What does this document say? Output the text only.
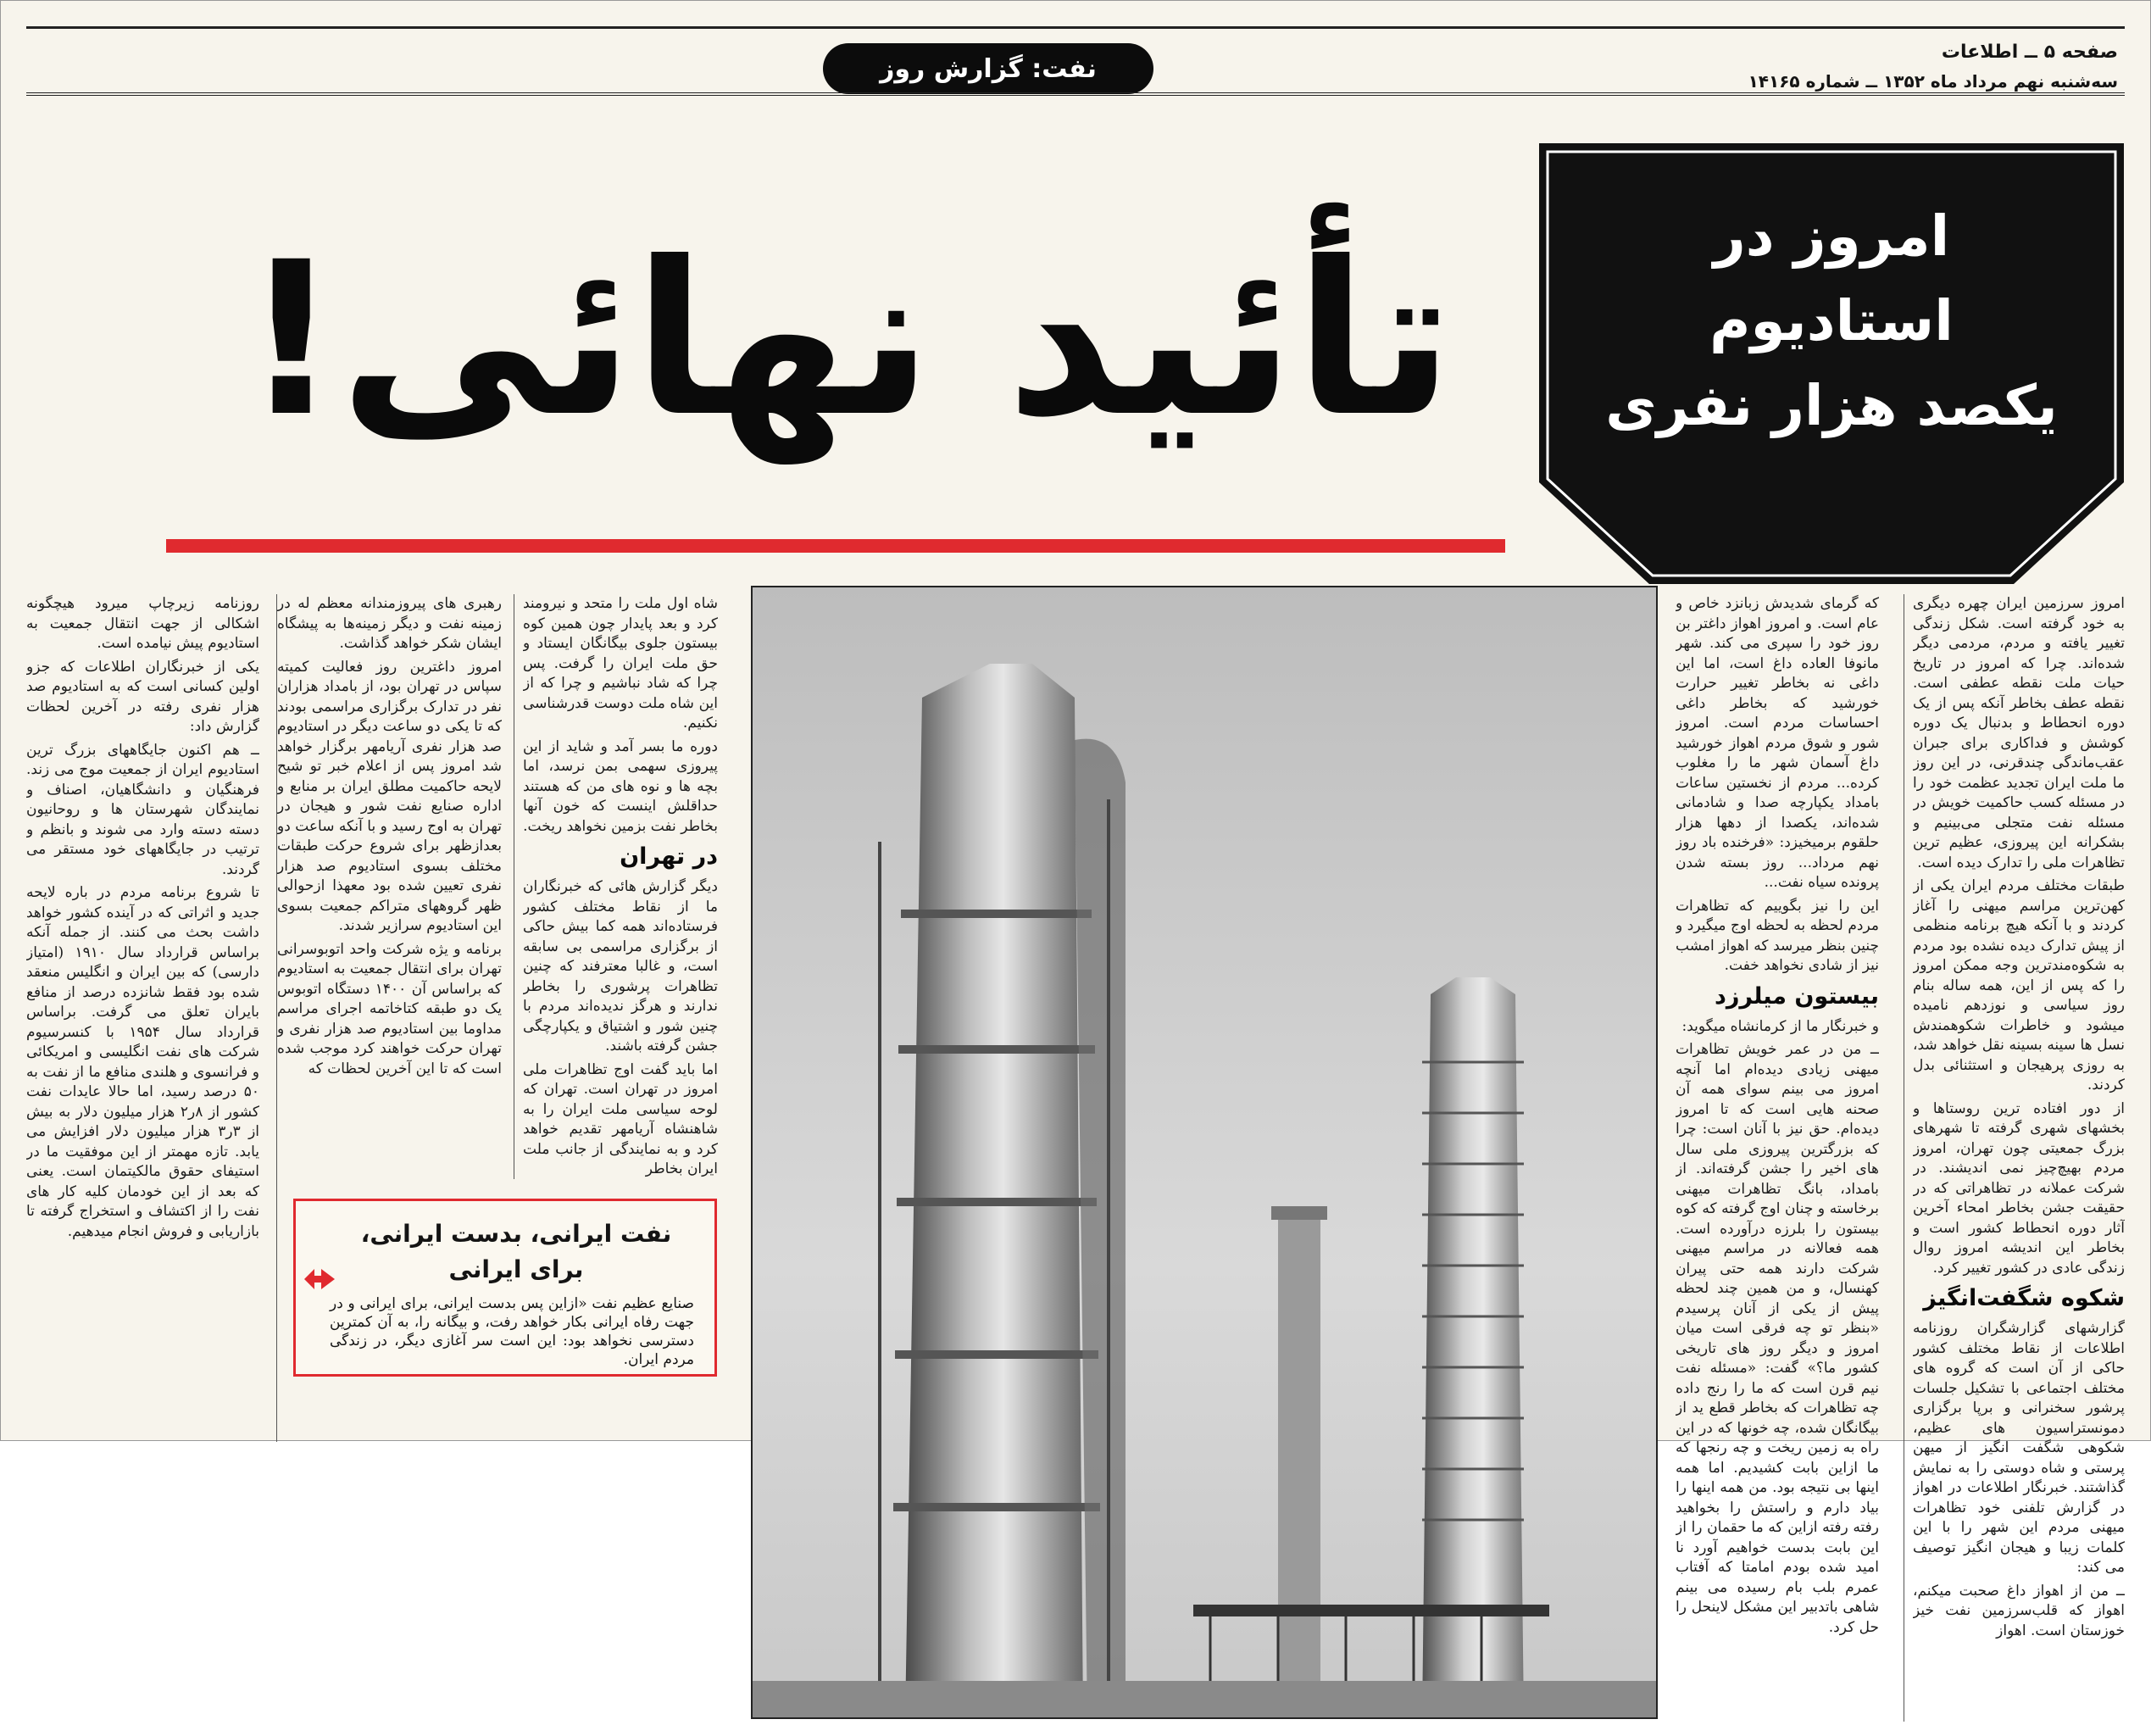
صفحه ۵ ــ اطلاعات
سه‌شنبه نهم مرداد ماه ۱۳۵۲ ــ شماره ۱۴۱۶۵
نفت: گزارش روز
امروز در
استادیوم
یکصد هزار نفری
تأئید نهائی!

امروز سرزمین ایران چهره دیگری به خود گرفته است. شکل زندگی تغییر یافته و مردم، مردمی دیگر شده‌اند. چرا که امروز در تاریخ حیات ملت نقطه عطفی است. نقطه عطف بخاطر آنکه پس از یک دوره انحطاط و بدنبال یک دوره کوشش و فداکاری برای جبران عقب‌ماندگی چندقرنی، در این روز ما ملت ایران تجدید عظمت خود را در مسئله کسب حاکمیت خویش در مسئله نفت متجلی می‌بینیم و بشکرانه این پیروزی، عظیم ترین تظاهرات ملی را تدارک دیده است.

طبقات مختلف مردم ایران یکی از کهن‌ترین مراسم میهنی را آغاز کردند و با آنکه هیچ برنامه منظمی از پیش تدارک دیده نشده بود مردم به شکوه‌مندترین وجه ممکن امروز را که پس از این، همه ساله بنام روز سیاسی و نوزدهم نامیده میشود و خاطرات شکوهمندش نسل ها سینه بسینه نقل خواهد شد، به روزی پرهیجان و استثنائی بدل کردند.

از دور افتاده ترین روستاها و بخشهای شهری گرفته تا شهرهای بزرگ جمعیتی چون تهران، امروز مردم بهیچ‌چیز نمی اندیشند. در شرکت عملانه در تظاهراتی که در حقیقت جشن بخاطر امحاء آخرین آثار دوره انحطاط کشور است و بخاطر این اندیشه امروز روال زندگی عادی در کشور تغییر کرد.

شکوه شگفت‌انگیز

گزارشهای گزارشگران روزنامه اطلاعات از نقاط مختلف کشور حاکی از آن است که گروه های مختلف اجتماعی با تشکیل جلسات پرشور سخنرانی و برپا برگزاری دمونستراسیون های عظیم، شکوهی شگفت انگیز از میهن پرستی و شاه دوستی را به نمایش گذاشتند. خبرنگار اطلاعات در اهواز در گزارش تلفنی خود تظاهرات میهنی مردم این شهر را با این کلمات زیبا و هیجان انگیز توصیف می کند:

ــ من از اهواز داغ صحبت میکنم، اهواز که قلب‌سرزمین نفت خیز خوزستان است. اهواز

که گرمای شدیدش زبانزد خاص و عام است. و امروز اهواز داغتر بن روز خود را سپری می کند. شهر مانوفا العاده داغ است، اما این داغی نه بخاطر تغییر حرارت خورشید که بخاطر داغی احساسات مردم است. امروز شور و شوق مردم اهواز خورشید داغ آسمان شهر ما را مغلوب کرده... مردم از نخستین ساعات بامداد یکپارچه صدا و شادمانی شده‌اند، یکصدا از دهها هزار حلقوم برمیخیزد: «فرخنده باد روز نهم مرداد... روز بسته شدن پرونده سیاه نفت...

این را نیز بگوییم که تظاهرات مردم لحظه به لحظه اوج میگیرد و چنین بنظر میرسد که اهواز امشب نیز از شادی نخواهد خفت.

بیستون میلرزد

و خبرنگار ما از کرمانشاه میگوید:

ــ من در عمر خویش تظاهرات میهنی زیادی دیده‌ام اما آنچه امروز می بینم سوای همه آن صحنه هایی است که تا امروز دیده‌ام. حق نیز با آنان است: چرا که بزرگترین پیروزی ملی سال های اخیر را جشن گرفته‌اند. از بامداد، بانگ تظاهرات میهنی برخاسته و چنان اوج گرفته که کوه بیستون را بلرزه درآورده است. همه فعالانه در مراسم میهنی شرکت دارند همه حتی پیران کهنسال، و من همین چند لحظه پیش از یکی از آنان پرسیدم «بنظر تو چه فرقی است میان امروز و دیگر روز های تاریخی کشور ما؟» گفت: «مسئله نفت نیم قرن است که ما را رنج داده چه تظاهرات که بخاطر قطع ید از بیگانگان شده، چه خونها که در این راه به زمین ریخت و چه رنجها که ما ازاین بابت کشیدیم. اما همه اینها بی نتیجه بود. من همه اینها را بیاد دارم و راستش را بخواهید رفته رفته ازاین که ما حقمان را از این بابت بدست خواهیم آورد نا امید شده بودم امامتا که آفتاب عمرم بلب بام رسیده می بینم شاهی باتدبیر این مشکل لاینحل را حل کرد.

شاه اول ملت را متحد و نیرومند کرد و بعد پایدار چون همین کوه بیستون جلوی بیگانگان ایستاد و حق ملت ایران را گرفت. پس چرا که شاد نباشیم و چرا که از این شاه ملت دوست قدرشناسی نکنیم.

دوره ما بسر آمد و شاید از این پیروزی سهمی بمن نرسد، اما بچه ها و نوه های من که هستند حداقلش اینست که خون آنها بخاطر نفت بزمین نخواهد ریخت.

در تهران

دیگر گزارش هائی که خبرنگاران ما از نقاط مختلف کشور فرستاده‌اند همه کما بیش حاکی از برگزاری مراسمی بی سابقه است، و غالبا معترفند که چنین تظاهرات پرشوری را بخاطر ندارند و هرگز ندیده‌اند مردم با چنین شور و اشتیاق و یکپارچگی جشن گرفته باشند.

اما باید گفت اوج تظاهرات ملی امروز در تهران است. تهران که لوحه سیاسی ملت ایران را به شاهنشاه آریامهر تقدیم خواهد کرد و به نمایندگی از جانب ملت ایران بخاطر

رهبری های پیروزمندانه معظم له در زمینه نفت و دیگر زمینه‌ها به پیشگاه ایشان شکر خواهد گذاشت.

امروز داغترین روز فعالیت کمیته سپاس در تهران بود، از بامداد هزاران نفر در تدارک برگزاری مراسمی بودند که تا یکی دو ساعت دیگر در استادیوم صد هزار نفری آریامهر برگزار خواهد شد امروز پس از اعلام خبر تو شیح لایحه حاکمیت مطلق ایران بر منابع و اداره صنایع نفت شور و هیجان در تهران به اوج رسید و با آنکه ساعت دو بعدازظهر برای شروع حرکت طبقات مختلف بسوی استادیوم صد هزار نفری تعیین شده بود معهذا ازحوالی ظهر گروههای متراکم جمعیت بسوی این استادیوم سرازیر شدند.

برنامه و یژه شرکت واحد اتوبوسرانی تهران برای انتقال جمعیت به استادیوم که براساس آن ۱۴۰۰ دستگاه اتوبوس یک دو طبقه کتاخاتمه اجرای مراسم مداوما بین استادیوم صد هزار نفری و تهران حرکت خواهند کرد موجب شده است که تا این آخرین لحظات که

روزنامه زیرچاپ میرود هیچگونه اشکالی از جهت انتقال جمعیت به استادیوم پیش نیامده است.

یکی از خبرنگاران اطلاعات که جزو اولین کسانی است که به استادیوم صد هزار نفری رفته در آخرین لحظات گزارش داد:

ــ هم اکنون جایگاههای بزرگ ترین استادیوم ایران از جمعیت موج می زند. فرهنگیان و دانشگاهیان، اصناف و نمایندگان شهرستان ها و روحانیون دسته دسته وارد می شوند و بانظم و ترتیب در جایگاههای خود مستقر می گردند.

تا شروع برنامه مردم در باره لایحه جدید و اثراتی که در آینده کشور خواهد داشت بحث می کنند. از جمله آنکه براساس قرارداد سال ۱۹۱۰ (امتیاز دارسی) که بین ایران و انگلیس منعقد شده بود فقط شانزده درصد از منافع بایران تعلق می گرفت. براساس قرارداد سال ۱۹۵۴ با کنسرسیوم شرکت های نفت انگلیسی و امریکائی و فرانسوی و هلندی منافع ما از نفت به ۵۰ درصد رسید، اما حالا عایدات نفت کشور از ۸ر۲ هزار میلیون دلار به بیش از ۳ر۳ هزار میلیون دلار افزایش می یابد. تازه مهمتر از این موفقیت ما در استیفای حقوق مالکیتمان است. یعنی که بعد از این خودمان کلیه کار های نفت را از اکتشاف و استخراج گرفته تا بازاریابی و فروش انجام میدهیم.	نفت ایرانی، بدست ایرانی،
برای ایرانی
صنایع عظیم نفت «ازاین پس بدست ایرانی، برای ایرانی و در جهت رفاه ایرانی بکار خواهد رفت، و بیگانه را، به آن کمترین دسترسی نخواهد بود: این است سر آغازی دیگر، در زندگی مردم ایران.
